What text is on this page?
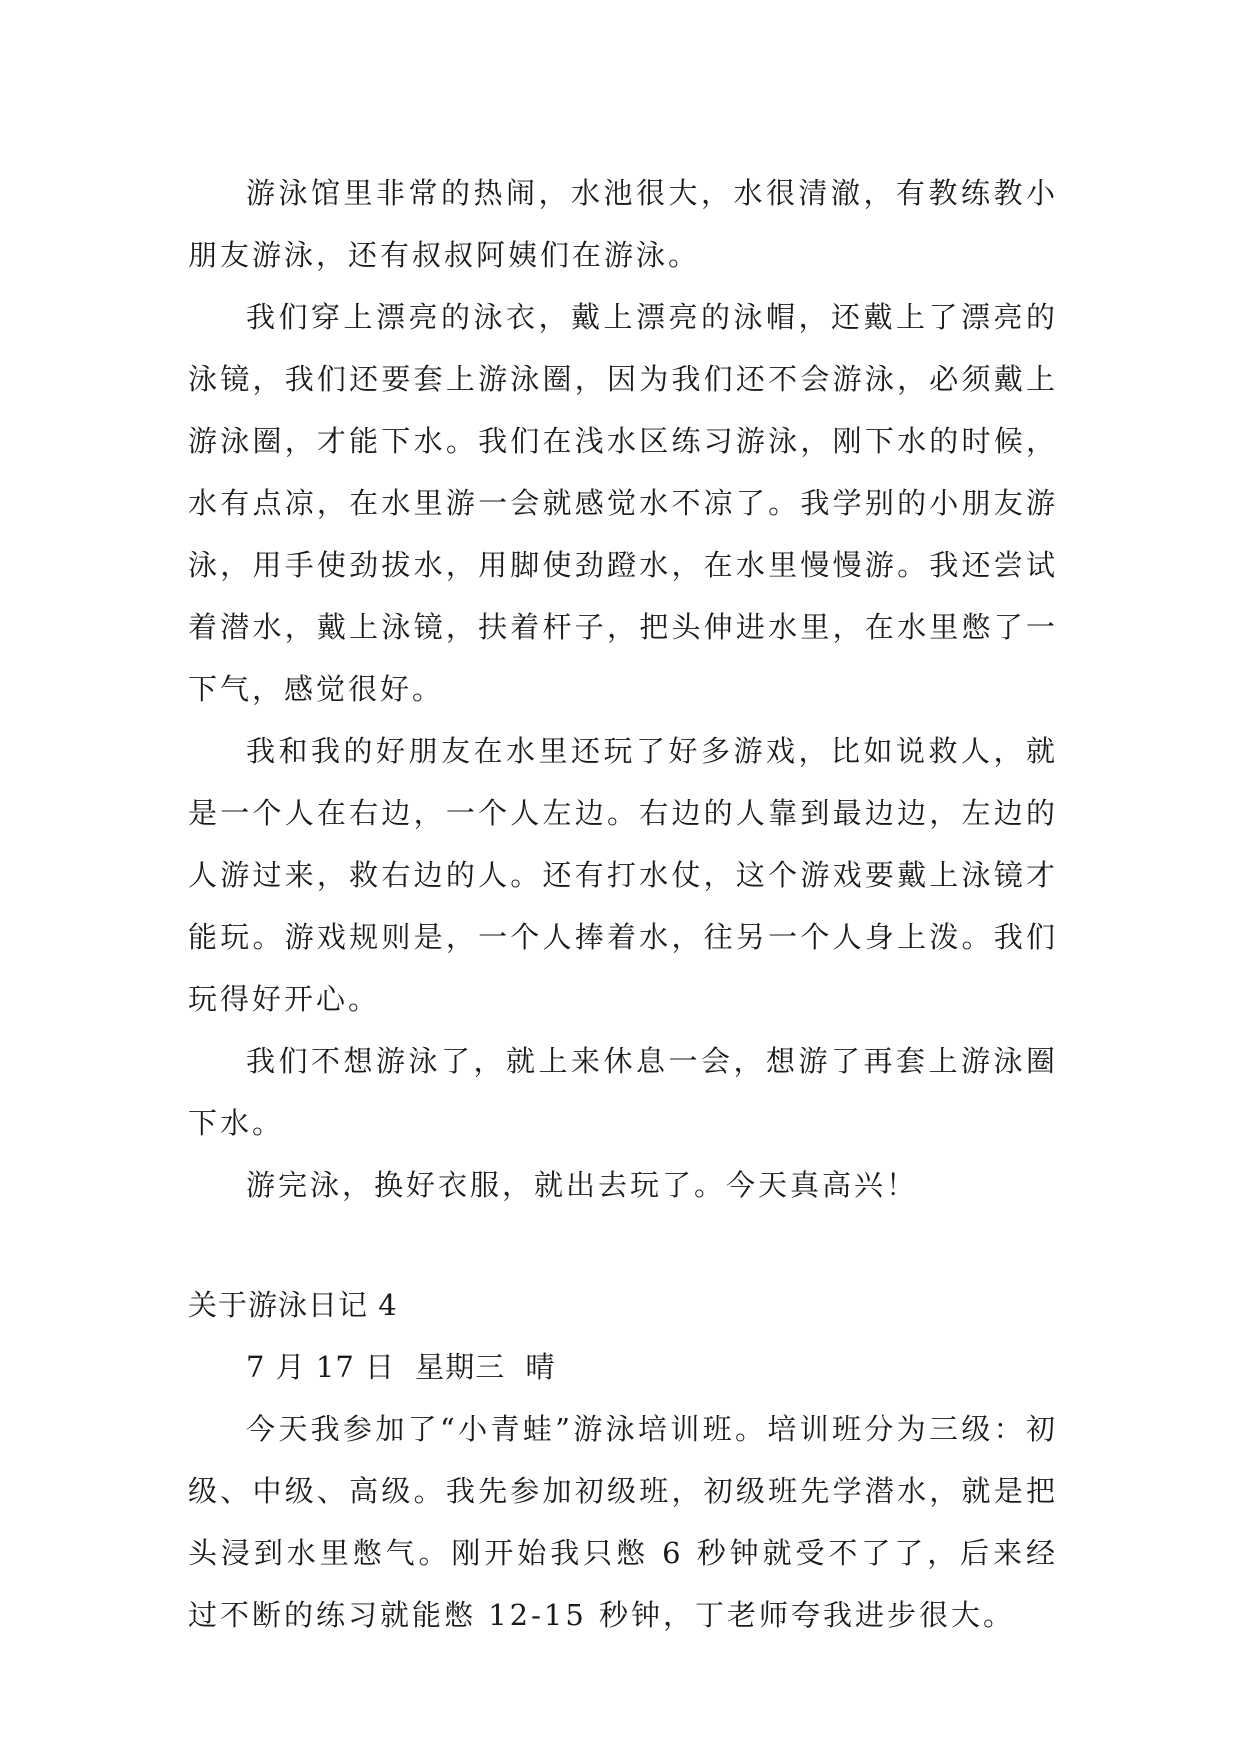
游泳馆里非常的热闹，水池很大，水很清澈，有教练教小朋友游泳，还有叔叔阿姨们在游泳。

我们穿上漂亮的泳衣，戴上漂亮的泳帽，还戴上了漂亮的泳镜，我们还要套上游泳圈，因为我们还不会游泳，必须戴上游泳圈，才能下水。我们在浅水区练习游泳，刚下水的时候，水有点凉，在水里游一会就感觉水不凉了。我学别的小朋友游泳，用手使劲拔水，用脚使劲蹬水，在水里慢慢游。我还尝试着潜水，戴上泳镜，扶着杆子，把头伸进水里，在水里憋了一下气，感觉很好。

我和我的好朋友在水里还玩了好多游戏，比如说救人，就是一个人在右边，一个人左边。右边的人靠到最边边，左边的人游过来，救右边的人。还有打水仗，这个游戏要戴上泳镜才能玩。游戏规则是，一个人捧着水，往另一个人身上泼。我们玩得好开心。

我们不想游泳了，就上来休息一会，想游了再套上游泳圈下水。

游完泳，换好衣服，就出去玩了。今天真高兴！

关于游泳日记 4

7 月 17 日 星期三 晴

今天我参加了“小青蛙”游泳培训班。培训班分为三级：初级、中级、高级。我先参加初级班，初级班先学潜水，就是把头浸到水里憋气。刚开始我只憋 6 秒钟就受不了了，后来经过不断的练习就能憋 12-15 秒钟，丁老师夸我进步很大。
